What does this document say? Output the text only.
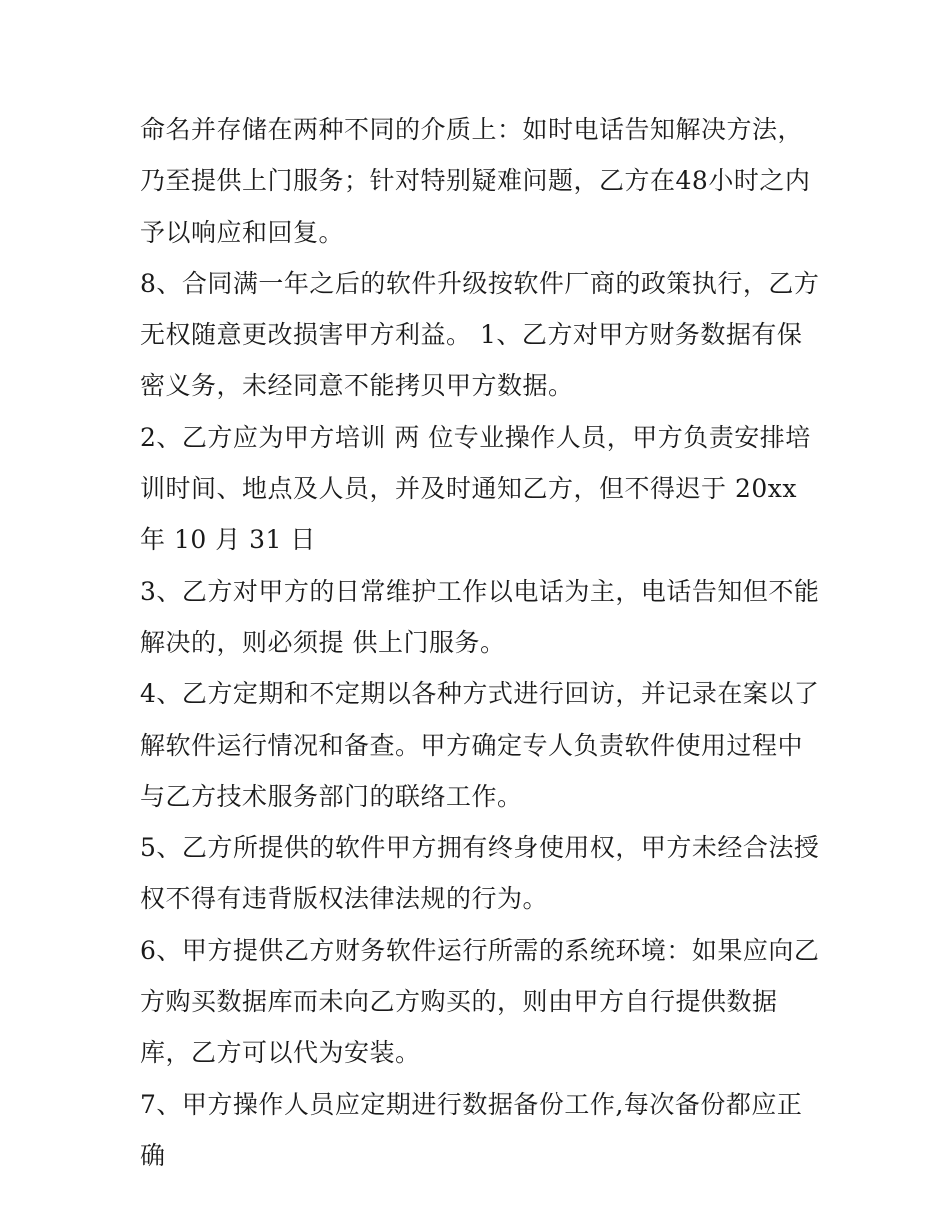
命名并存储在两种不同的介质上：如时电话告知解决方法，乃至提供上门服务；针对特别疑难问题，乙方在48小时之内予以响应和回复。

8、合同满一年之后的软件升级按软件厂商的政策执行，乙方无权随意更改损害甲方利益。 1、乙方对甲方财务数据有保密义务，未经同意不能拷贝甲方数据。

2、乙方应为甲方培训 两 位专业操作人员，甲方负责安排培训时间、地点及人员，并及时通知乙方，但不得迟于 20xx 年 10 月 31 日

3、乙方对甲方的日常维护工作以电话为主，电话告知但不能解决的，则必须提 供上门服务。

4、乙方定期和不定期以各种方式进行回访，并记录在案以了解软件运行情况和备查。甲方确定专人负责软件使用过程中与乙方技术服务部门的联络工作。

5、乙方所提供的软件甲方拥有终身使用权，甲方未经合法授权不得有违背版权法律法规的行为。

6、甲方提供乙方财务软件运行所需的系统环境：如果应向乙方购买数据库而未向乙方购买的，则由甲方自行提供数据库，乙方可以代为安装。

7、甲方操作人员应定期进行数据备份工作,每次备份都应正确
